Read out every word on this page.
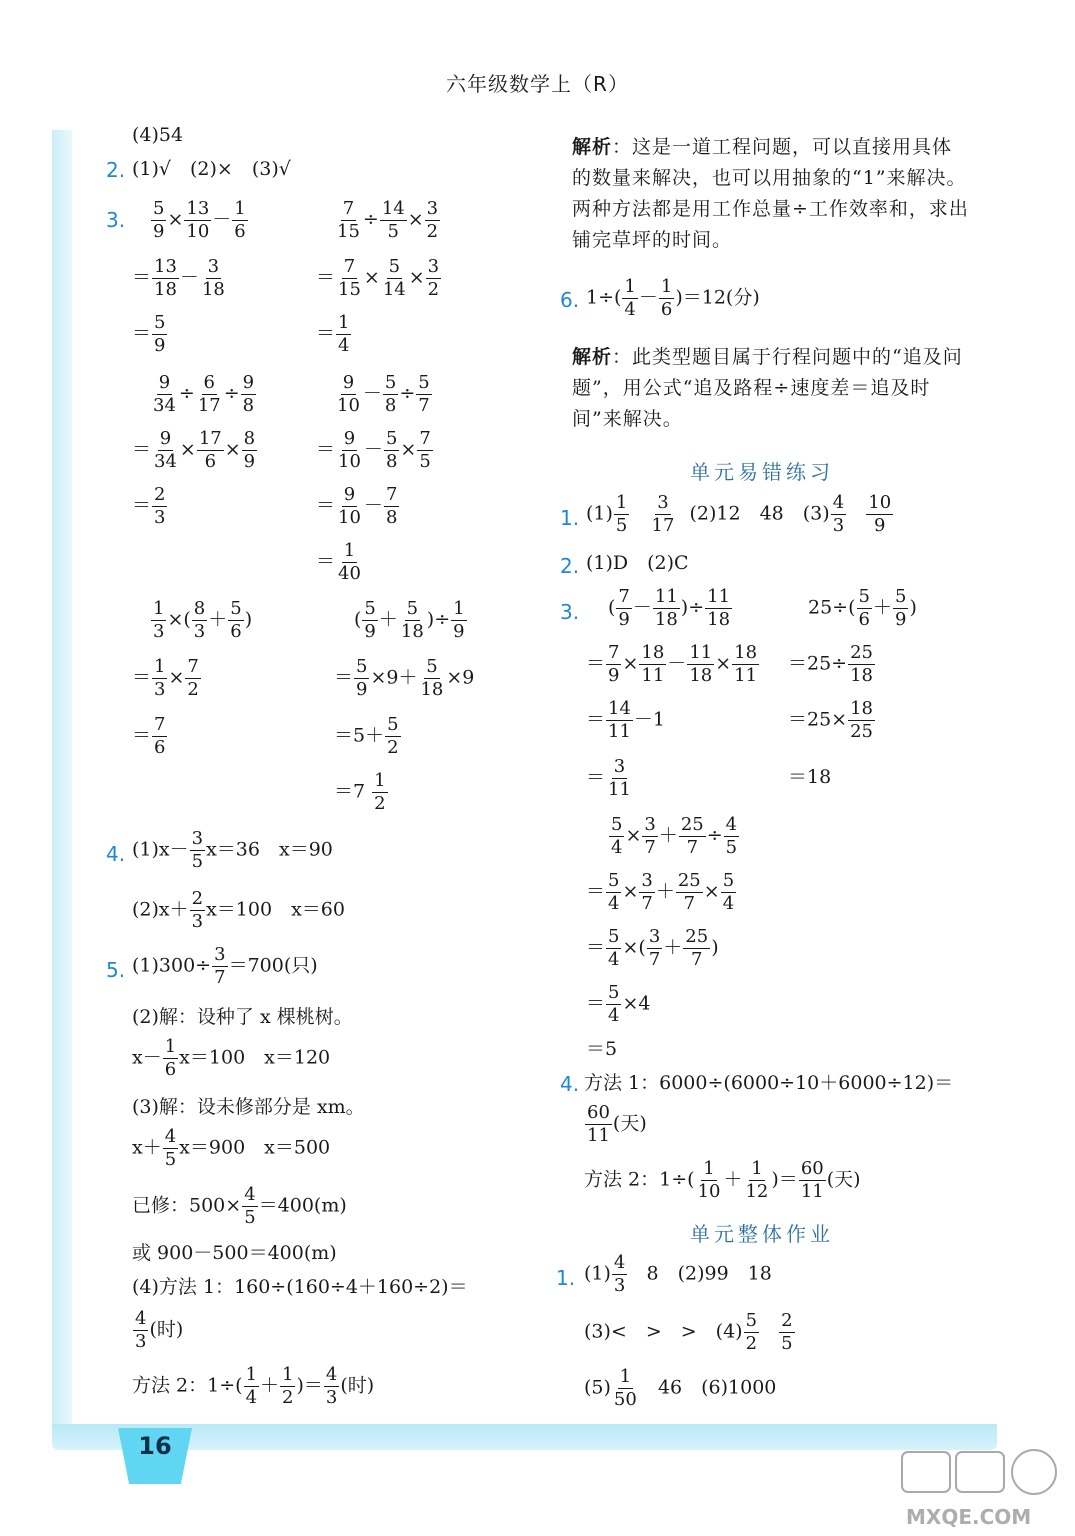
16
六年级数学上（R）
(4)54
2. (1)√　(2)×　(3)√
3. $\frac{5}{9} \times \frac{13}{10} - \frac{1}{6}$
＝ $\frac{13}{18} - \frac{3}{18}$
＝ $\frac{5}{9}$
$\frac{9}{34} \div \frac{6}{17} \div \frac{9}{8}$
＝ $\frac{9}{34} \times \frac{17}{6} \times \frac{8}{9}$
＝ $\frac{2}{3}$
$\frac{1}{3}$ ×( $\frac{8}{3} + \frac{5}{6}$ )
＝ $\frac{1}{3} \times \frac{7}{2}$
＝ $\frac{7}{6}$
$\frac{7}{15} \div \frac{14}{5} \times \frac{3}{2}$
＝ $\frac{7}{15} \times \frac{5}{14} \times \frac{3}{2}$
＝ $\frac{1}{4}$
$\frac{9}{10} - \frac{5}{8} \div \frac{5}{7}$
＝ $\frac{9}{10} - \frac{5}{8} \times \frac{7}{5}$
＝ $\frac{9}{10} - \frac{7}{8}$
＝ $\frac{1}{40}$
( $\frac{5}{9} + \frac{5}{18}$ )÷ $\frac{1}{9}$
＝ $\frac{5}{9} \times 9+ \frac{5}{18} \times 9$
$=5+ \frac{5}{2}$
$=7 \frac{1}{2}$
4. $(1)x- \frac{3}{5} x=36$　x＝90
$(2)x+ \frac{2}{3} x=100$　x＝60
5. $(1)300\div \frac{3}{7} =700$(只)
(2)解：设种了 x 棵桃树。
$x- \frac{1}{6} x=100$　x＝120
(3)解：设未修部分是 xm。
$x+ \frac{4}{5} x=900$　x＝500
已修：$500\times \frac{4}{5} =400(m)$
或 900－500＝400(m)
(4)方法 1：160÷(160÷4＋160÷2)＝
$\frac{4}{3}$ (时)
方法 2：$1\div( \frac{1}{4} + \frac{1}{2}$ )＝ $\frac{4}{3}$ (时)
解析：这是一道工程问题，可以直接用具体的数量来解决，也可以用抽象的“1”来解决。两种方法都是用工作总量÷工作效率和，求出铺完草坪的时间。
6. $1\div( \frac{1}{4} - \frac{1}{6} )=12$(分)
解析：此类型题目属于行程问题中的“追及问题”，用公式“追及路程÷速度差＝追及时间”来解决。
单元易错练习
1. $(1) \frac{1}{5}$
$\frac{3}{17} (2)12$　48　$(3) \frac{4}{3}$
$\frac{10}{9}$
2. (1)D　(2)C
3. ( $\frac{7}{9} - \frac{11}{18}$ )÷ $\frac{11}{18}$
＝ $\frac{7}{9} \times \frac{18}{11} - \frac{11}{18} \times \frac{18}{11}$
＝ $\frac{14}{11} -1$
＝ $\frac{3}{11}$
$25\div( \frac{5}{6} + \frac{5}{9}$ )
$=25\div \frac{25}{18}$
$=25\times \frac{18}{25}$
＝18
$\frac{5}{4} \times \frac{3}{7} + \frac{25}{7} \div \frac{4}{5}$
＝ $\frac{5}{4} \times \frac{3}{7} + \frac{25}{7} \times \frac{5}{4}$
＝ $\frac{5}{4}$ ×( $\frac{3}{7} + \frac{25}{7}$ )
＝ $\frac{5}{4} \times 4$
＝5
4. 方法 1：6000÷(6000÷10＋6000÷12)＝
$\frac{60}{11}$ (天)
方法 2：$1\div( \frac{1}{10} + \frac{1}{12}$ )＝ $\frac{60}{11}$ (天)
单元整体作业
1. $(1) \frac{4}{3} 8$　(2)99　18
(3)<　>　>　$(4) \frac{5}{2}$
$\frac{2}{5}$
$(5) \frac{1}{50} 46$　(6)1000
MXQE.COM
